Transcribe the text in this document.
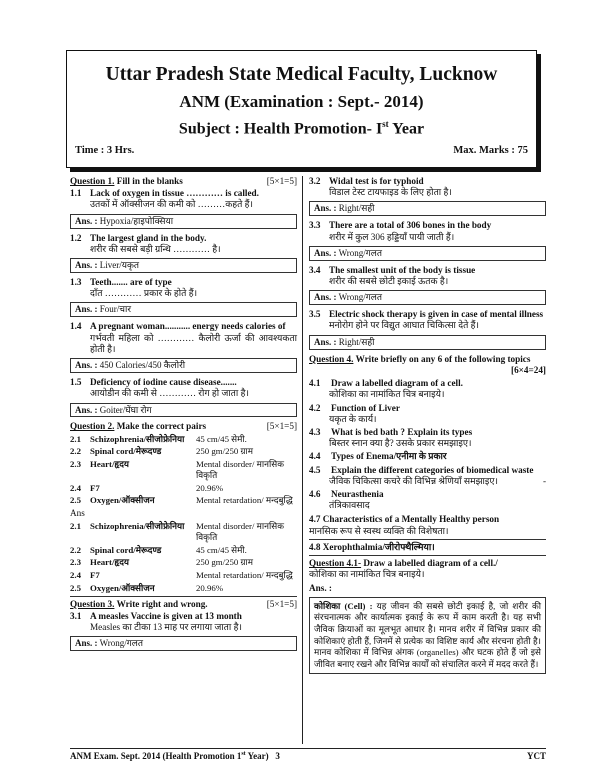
Uttar Pradesh State Medical Faculty, Lucknow
ANM (Examination : Sept.- 2014)
Subject : Health Promotion- Ist Year
Time : 3 Hrs.	Max. Marks : 75
Question 1. Fill in the blanks	[5×1=5]
1.1 Lack of oxygen in tissue ………… is called.
उतकों में ऑक्सीजन की कमी को ………कहते हैं।
Ans. : Hypoxia/हाइपोक्सिया
1.2 The largest gland in the body.
शरीर की सबसे बड़ी ग्रन्थि ………… है।
Ans. : Liver/यकृत
1.3 Teeth....... are of type
दाँत ………… प्रकार के होते हैं।
Ans. : Four/चार
1.4 A pregnant woman........... energy needs calories of
गर्भवती महिला को ………… कैलोरी ऊर्जा की आवश्यकता होती है।
Ans. : 450 Calories/450 कैलोरी
1.5 Deficiency of iodine cause disease.......
आयोडीन की कमी से ………… रोग हो जाता है।
Ans. : Goiter/घेंघा रोग
Question 2. Make the correct pairs	[5×1=5]
2.1	Schizophrenia/सीजोफ्रेनिया	45 cm/45 सेमी.
2.2	Spinal cord/मेरूदण्ड	250 gm/250 ग्राम
2.3	Heart/हृदय	Mental disorder/ मानसिक विकृति
2.4	F7	20.96%
2.5	Oxygen/ऑक्सीजन	Mental retardation/ मन्दबुद्धि
Ans
2.1	Schizophrenia/सीजोफ्रेनिया	Mental disorder/ मानसिक विकृति
2.2	Spinal cord/मेरूदण्ड	45 cm/45 सेमी.
2.3	Heart/हृदय	250 gm/250 ग्राम
2.4	F7	Mental retardation/ मन्दबुद्धि
2.5	Oxygen/ऑक्सीजन	20.96%
Question 3. Write right and wrong.	[5×1=5]
3.1 A measles Vaccine is given at 13 month
Measles का टीका 13 माह पर लगाया जाता है।
Ans. : Wrong/गलत
3.2 Widal test is for typhoid
विडाल टेस्ट टायफाइड के लिए होता है।
Ans. : Right/सही
3.3 There are a total of 306 bones in the body
शरीर में कुल 306 हड्डियाँ पायी जाती हैं।
Ans. : Wrong/गलत
3.4 The smallest unit of the body is tissue
शरीर की सबसे छोटी इकाई ऊतक है।
Ans. : Wrong/गलत
3.5 Electric shock therapy is given in case of mental illness
मनोरोग होने पर विद्युत आघात चिकित्सा देते हैं।
Ans. : Right/सही
Question 4. Write briefly on any 6 of the following topics
[6×4=24]
4.1	Draw a labelled diagram of a cell.
कोशिका का नामांकित चित्र बनाइये।
4.2	Function of Liver
यकृत के कार्य।
4.3	What is bed bath ? Explain its types
बिस्तर स्नान क्या है? उसके प्रकार समझाइए।
4.4	Types of Enema/एनीमा के प्रकार
4.5	Explain the different categories of biomedical waste
जैविक चिकित्सा कचरे की विभिन्न श्रेणियाँ समझाइए।	-
4.6	Neurasthenia
तंत्रिकावसाद
4.7 Characteristics of a Mentally Healthy person
मानसिक रूप से स्वस्थ व्यक्ति की विशेषता।
4.8 Xerophthalmia/जीरोफ्थैल्मिया।
Question 4.1- Draw a labelled diagram of a cell./
कोशिका का नामांकित चित्र बनाइये।
Ans. :
कोशिका (Cell) : यह जीवन की सबसे छोटी इकाई है, जो शरीर की संरचनात्मक और कार्यात्मक इकाई के रूप में काम करती है। यह सभी जैविक क्रियाओं का मूलभूत आधार है। मानव शरीर में विभिन्न प्रकार की कोशिकाएं होती हैं, जिनमें से प्रत्येक का विशिष्ट कार्य और संरचना होती है। मानव कोशिका में विभिन्न अंगक (organelles) और घटक होते हैं जो इसे जीवित बनाए रखने और विभिन्न कार्यों को संचालित करने में मदद करते हैं।
ANM Exam. Sept. 2014 (Health Promotion 1st Year) 3	YCT
